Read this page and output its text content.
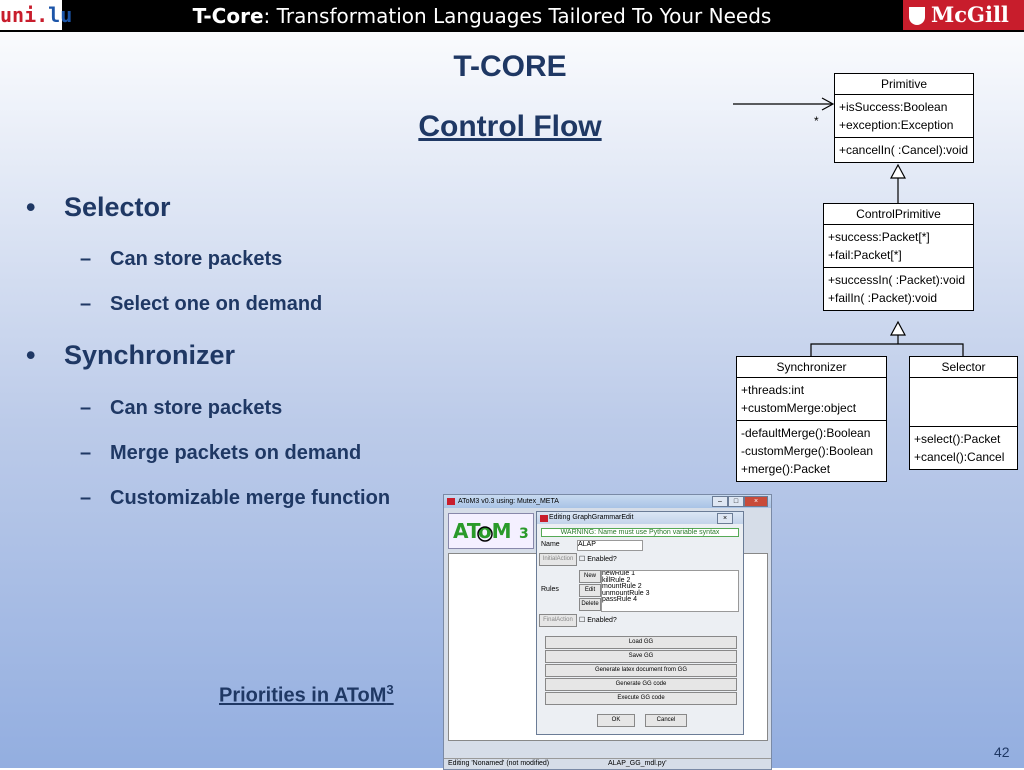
uni.lu	T-Core: Transformation Languages Tailored To Your Needs	McGill
T-CORE
Control Flow
• Selector
– Can store packets
– Select one on demand
• Synchronizer
– Can store packets
– Merge packets on demand
– Customizable merge function
Priorities in AToM$^3$
*
Primitive
+isSuccess:Boolean
+exception:Exception
+cancelIn( :Cancel):void
ControlPrimitive
+success:Packet[*]
+fail:Packet[*]
+successIn( :Packet):void
+failIn( :Packet):void
Synchronizer
+threads:int
+customMerge:object
-defaultMerge():Boolean
-customMerge():Boolean
+merge():Packet
Selector
+select():Packet
+cancel():Cancel
AToM3 v0.3 using: Mutex_META	–	□	×
AToM 3
Editing GraphGrammarEdit	×
WARNING: Name must use Python variable syntax
Name	ALAP
InitialAction ☐ Enabled?
Rules
New
Edit
Delete
newRule 1
killRule 2
mountRule 2
unmountRule 3
passRule 4
FinalAction ☐ Enabled?
Load GG
Save GG
Generate latex document from GG
Generate GG code
Execute GG code
OK	Cancel
Editing 'Nonamed' (not modified)	ALAP_GG_mdl.py'
42
